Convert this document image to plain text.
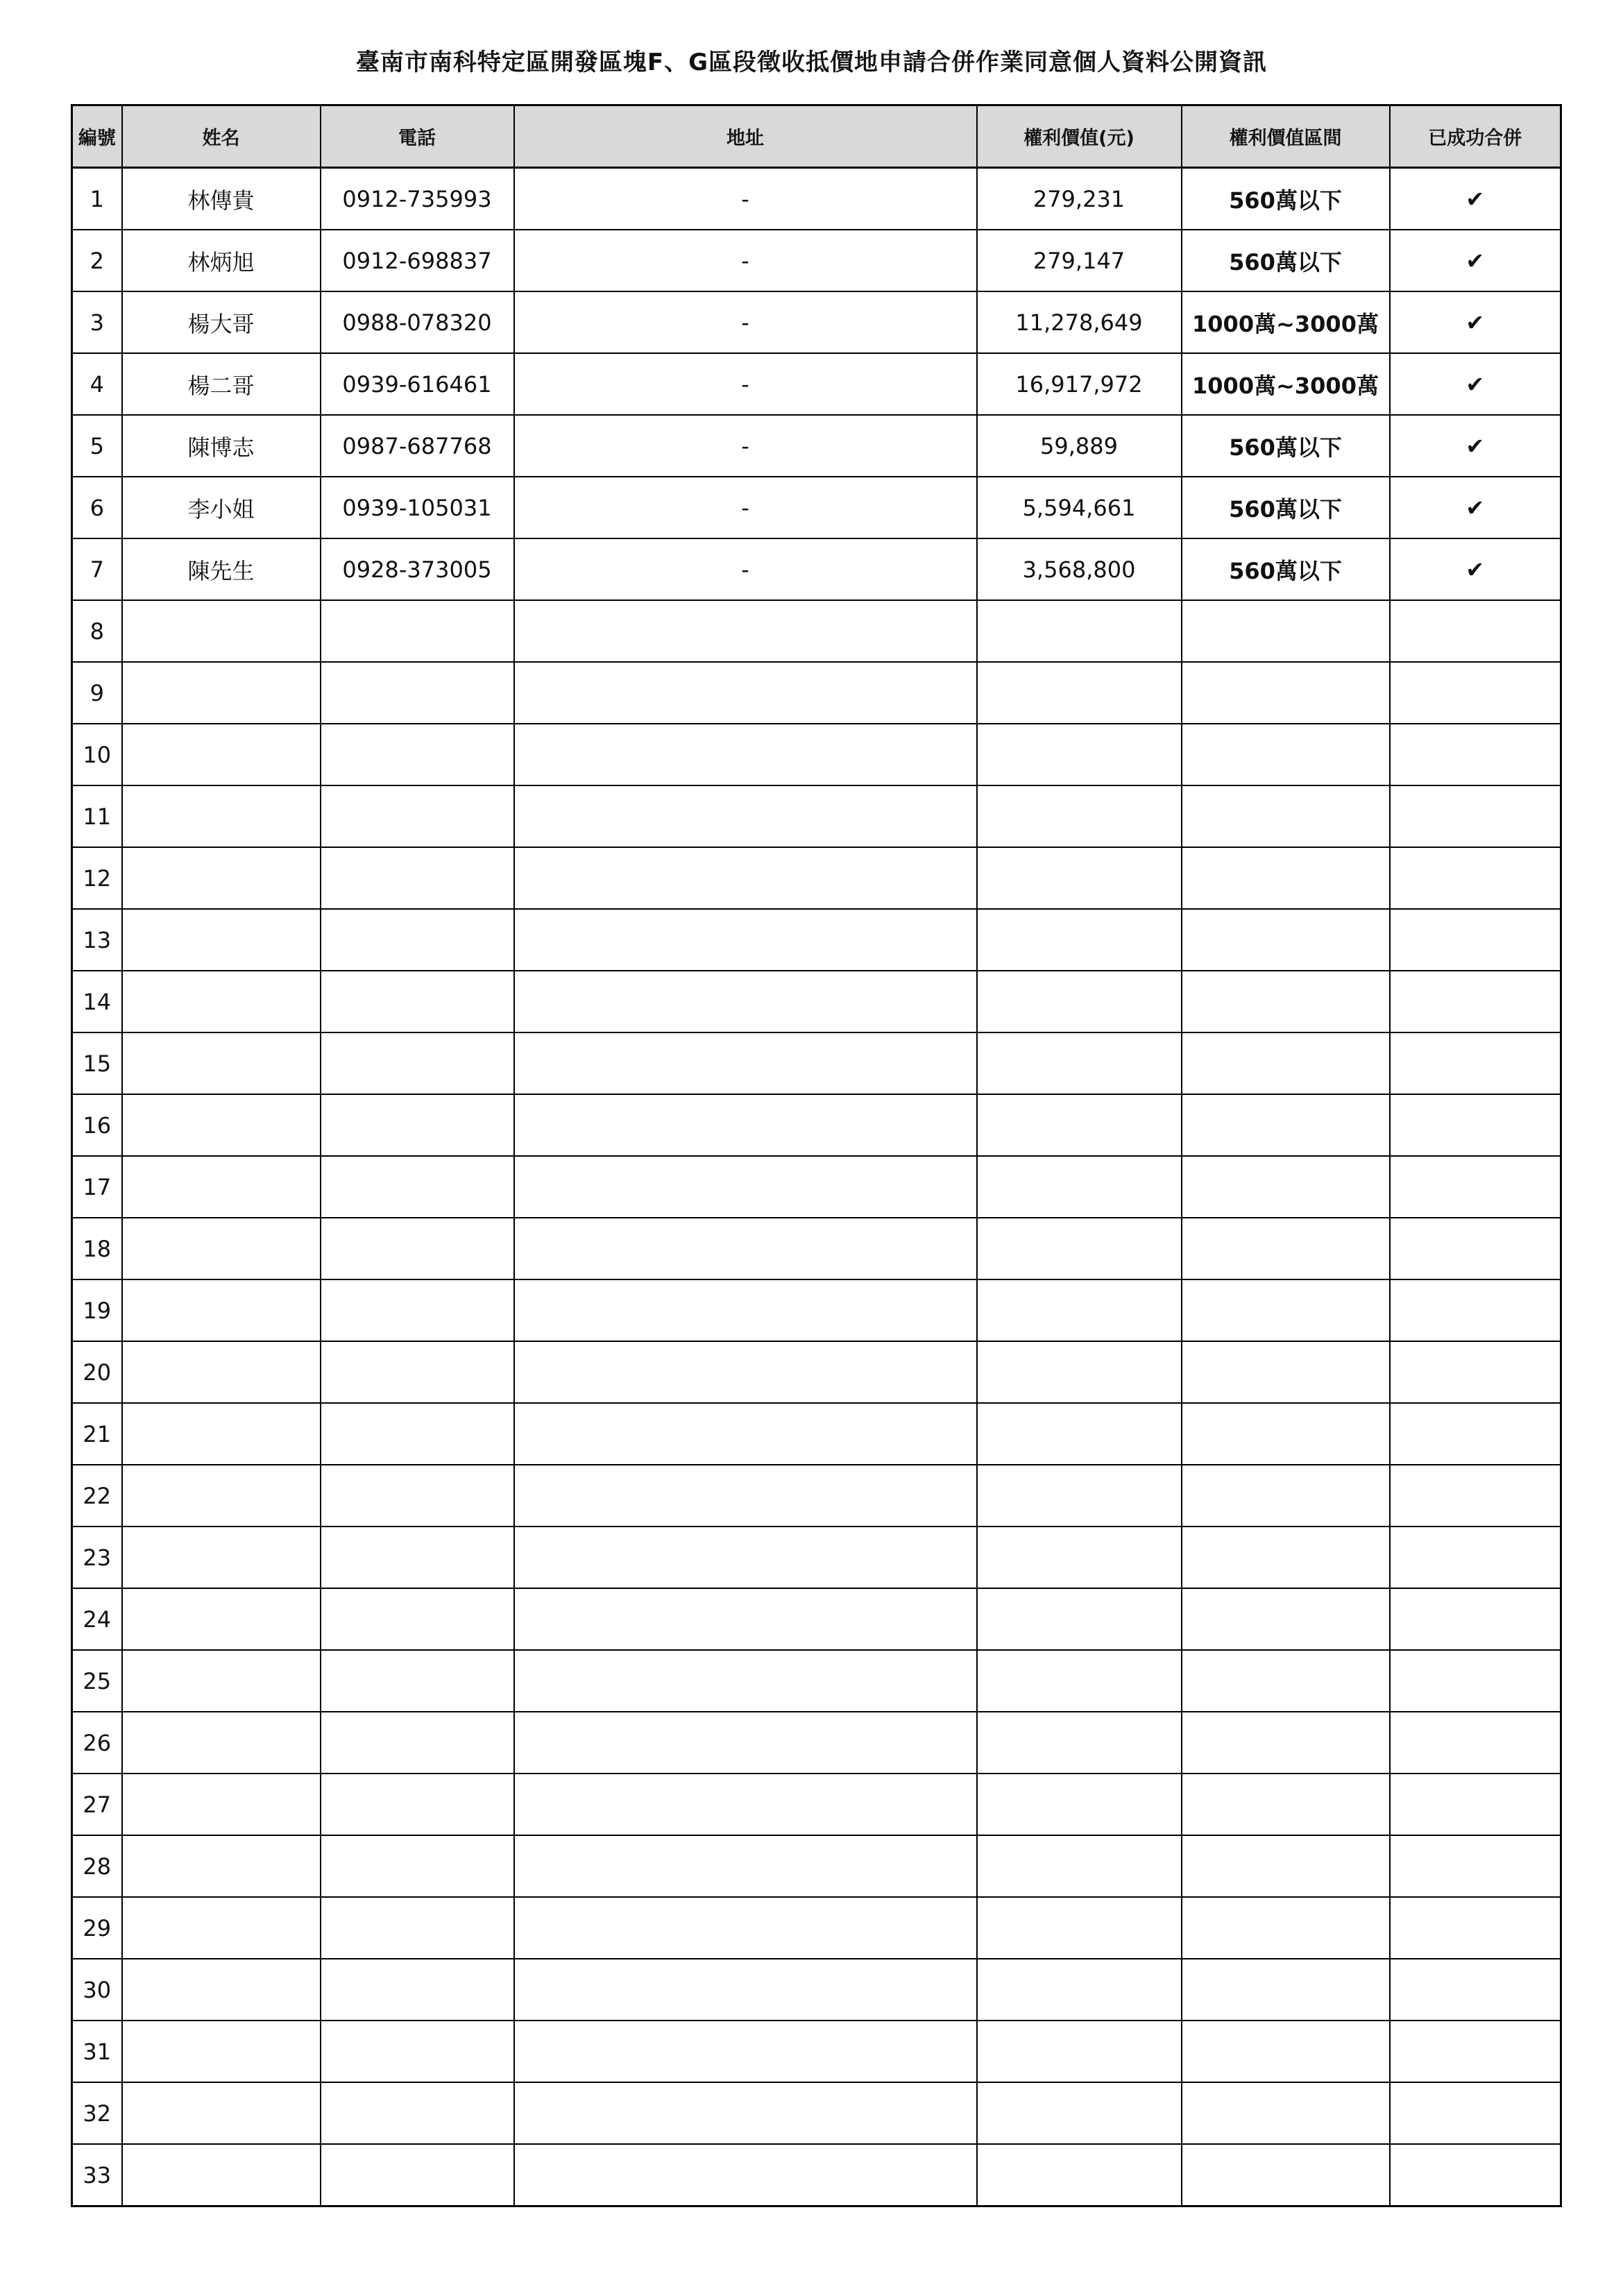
臺南市南科特定區開發區塊F、G區段徵收抵價地申請合併作業同意個人資料公開資訊
編號	姓名	電話	地址	權利價值(元)	權利價值區間	已成功合併
1	林傳貴	0912-735993	-	279,231	560萬以下	✔
2	林炳旭	0912-698837	-	279,147	560萬以下	✔
3	楊大哥	0988-078320	-	11,278,649	1000萬~3000萬	✔
4	楊二哥	0939-616461	-	16,917,972	1000萬~3000萬	✔
5	陳博志	0987-687768	-	59,889	560萬以下	✔
6	李小姐	0939-105031	-	5,594,661	560萬以下	✔
7	陳先生	0928-373005	-	3,568,800	560萬以下	✔
8						
9						
10						
11						
12						
13						
14						
15						
16						
17						
18						
19						
20						
21						
22						
23						
24						
25						
26						
27						
28						
29						
30						
31						
32						
33						
